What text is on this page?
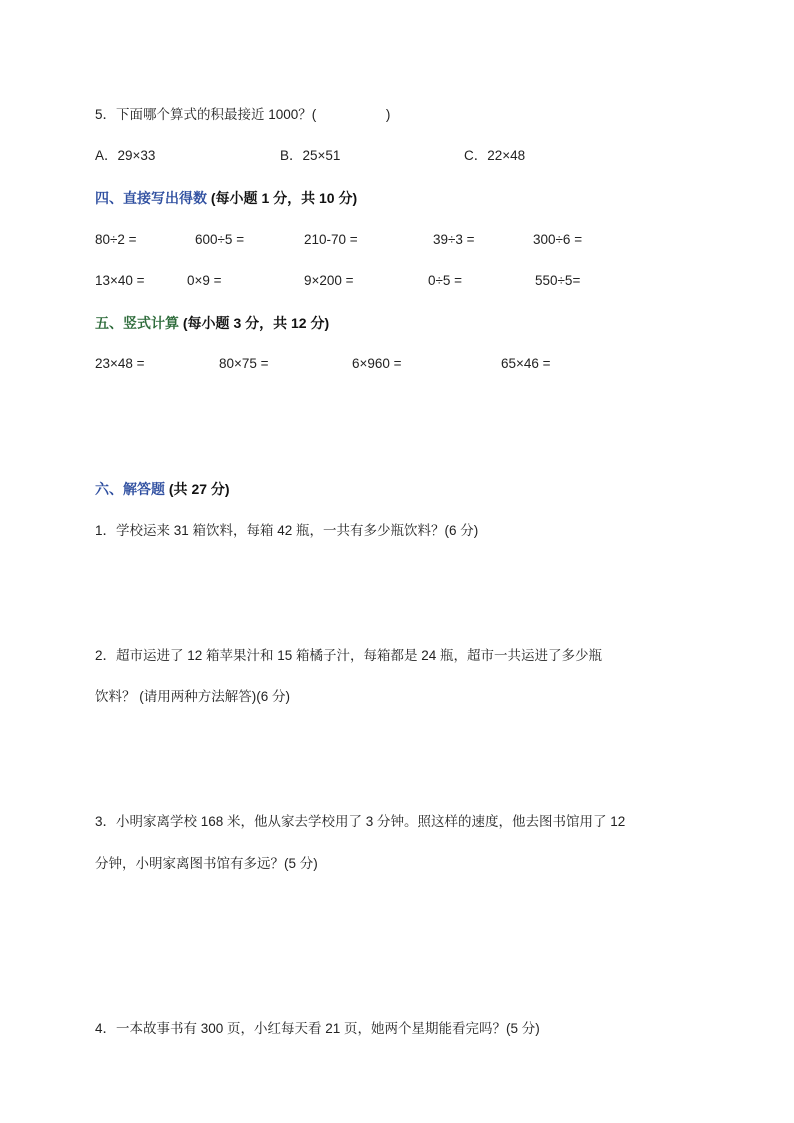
5．下面哪个算式的积最接近 1000？(	)
A．29×33	B．25×51	C．22×48
四、直接写出得数 (每小题 1 分，共 10 分)
80÷2 =	600÷5 =	210-70 =	39÷3 =	300÷6 =
13×40 =	0×9 =	9×200 =	0÷5 =	550÷5=
五、竖式计算 (每小题 3 分，共 12 分)
23×48 =	80×75 =	6×960 =	65×46 =
六、解答题 (共 27 分)
1．学校运来 31 箱饮料，每箱 42 瓶，一共有多少瓶饮料？(6 分)
2．超市运进了 12 箱苹果汁和 15 箱橘子汁，每箱都是 24 瓶，超市一共运进了多少瓶
饮料？ (请用两种方法解答)(6 分)
3．小明家离学校 168 米，他从家去学校用了 3 分钟。照这样的速度，他去图书馆用了 12
分钟，小明家离图书馆有多远？(5 分)
4．一本故事书有 300 页，小红每天看 21 页，她两个星期能看完吗？(5 分)
